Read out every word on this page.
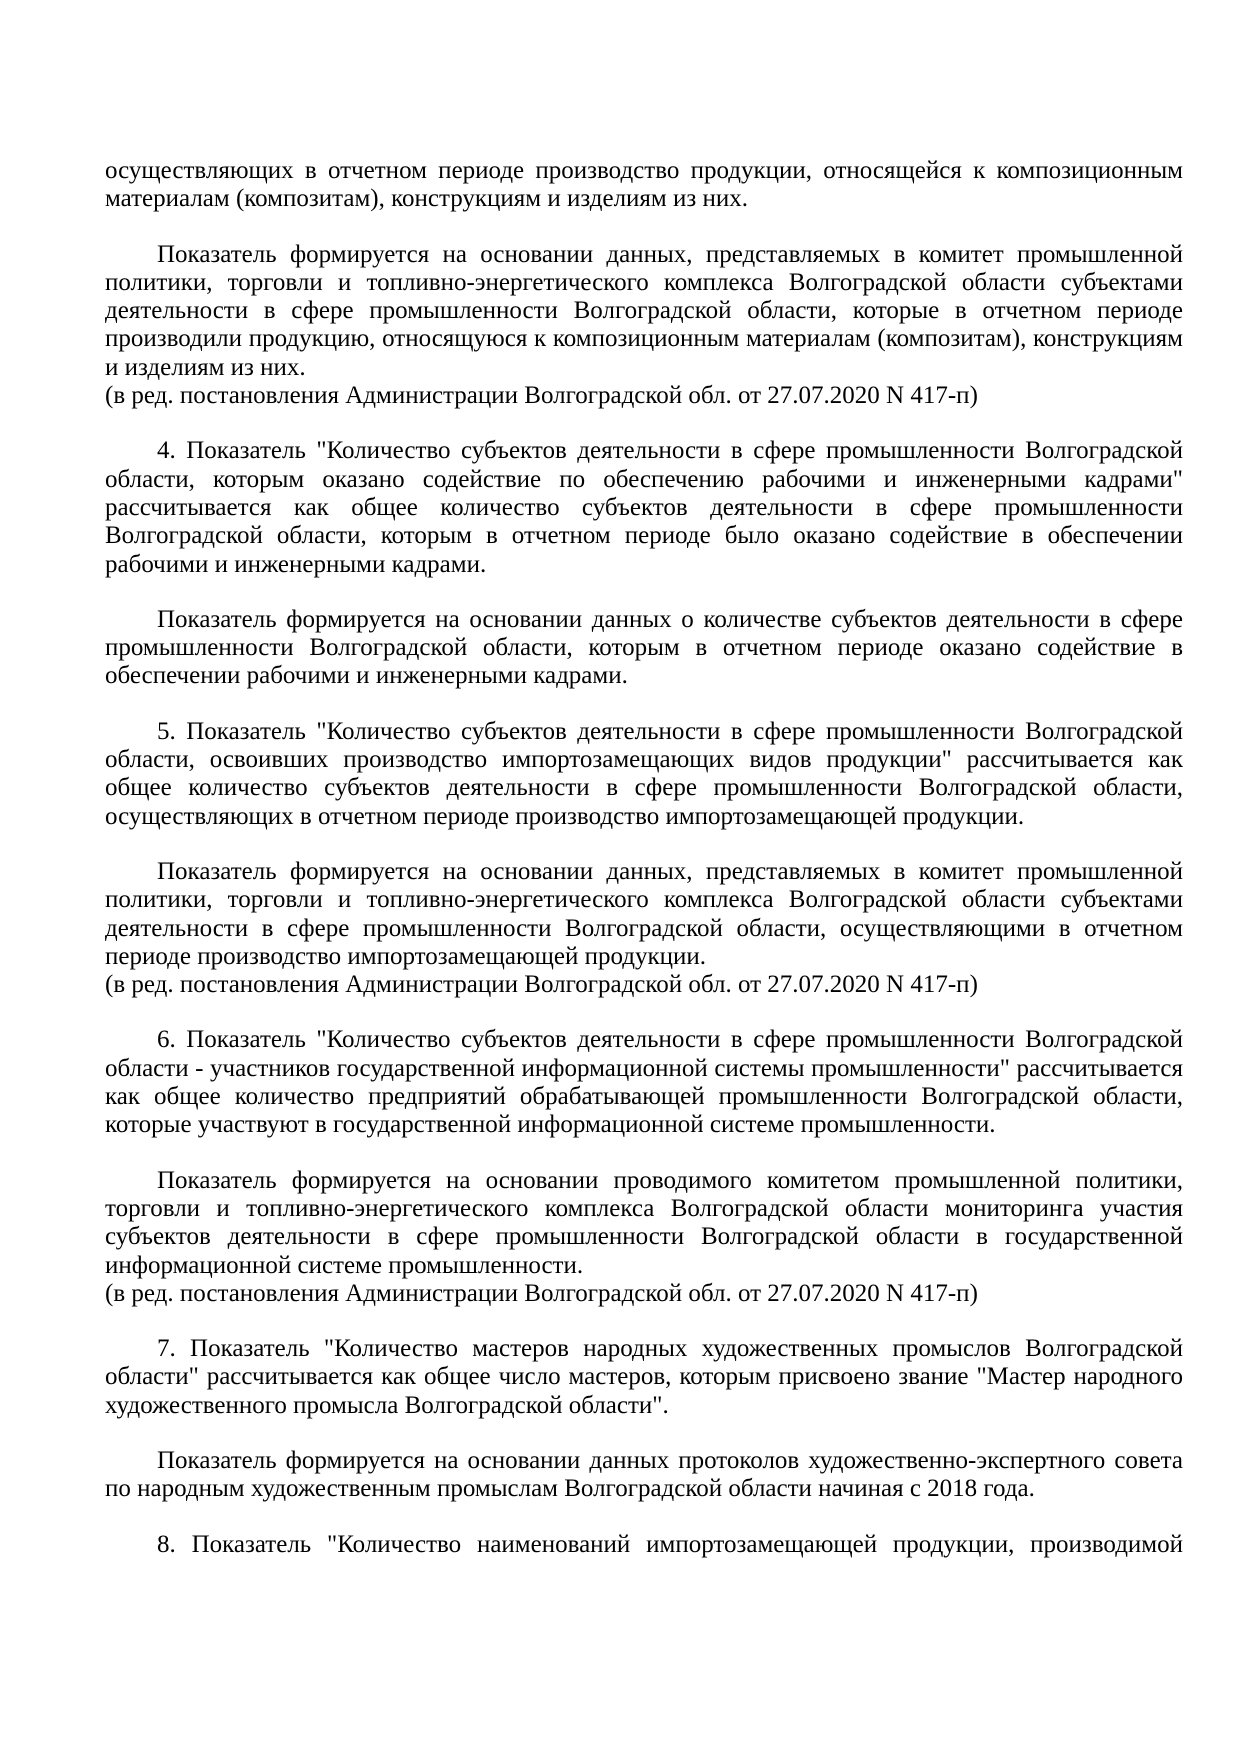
осуществляющих в отчетном периоде производство продукции, относящейся к композиционным материалам (композитам), конструкциям и изделиям из них.

Показатель формируется на основании данных, представляемых в комитет промышленной политики, торговли и топливно-энергетического комплекса Волгоградской области субъектами деятельности в сфере промышленности Волгоградской области, которые в отчетном периоде производили продукцию, относящуюся к композиционным материалам (композитам), конструкциям и изделиям из них.

(в ред. постановления Администрации Волгоградской обл. от 27.07.2020 N 417-п)

4. Показатель "Количество субъектов деятельности в сфере промышленности Волгоградской области, которым оказано содействие по обеспечению рабочими и инженерными кадрами" рассчитывается как общее количество субъектов деятельности в сфере промышленности Волгоградской области, которым в отчетном периоде было оказано содействие в обеспечении рабочими и инженерными кадрами.

Показатель формируется на основании данных о количестве субъектов деятельности в сфере промышленности Волгоградской области, которым в отчетном периоде оказано содействие в обеспечении рабочими и инженерными кадрами.

5. Показатель "Количество субъектов деятельности в сфере промышленности Волгоградской области, освоивших производство импортозамещающих видов продукции" рассчитывается как общее количество субъектов деятельности в сфере промышленности Волгоградской области, осуществляющих в отчетном периоде производство импортозамещающей продукции.

Показатель формируется на основании данных, представляемых в комитет промышленной политики, торговли и топливно-энергетического комплекса Волгоградской области субъектами деятельности в сфере промышленности Волгоградской области, осуществляющими в отчетном периоде производство импортозамещающей продукции.

(в ред. постановления Администрации Волгоградской обл. от 27.07.2020 N 417-п)

6. Показатель "Количество субъектов деятельности в сфере промышленности Волгоградской области - участников государственной информационной системы промышленности" рассчитывается как общее количество предприятий обрабатывающей промышленности Волгоградской области, которые участвуют в государственной информационной системе промышленности.

Показатель формируется на основании проводимого комитетом промышленной политики, торговли и топливно-энергетического комплекса Волгоградской области мониторинга участия субъектов деятельности в сфере промышленности Волгоградской области в государственной информационной системе промышленности.

(в ред. постановления Администрации Волгоградской обл. от 27.07.2020 N 417-п)

7. Показатель "Количество мастеров народных художественных промыслов Волгоградской области" рассчитывается как общее число мастеров, которым присвоено звание "Мастер народного художественного промысла Волгоградской области".

Показатель формируется на основании данных протоколов художественно-экспертного совета по народным художественным промыслам Волгоградской области начиная с 2018 года.

8. Показатель "Количество наименований импортозамещающей продукции, производимой
